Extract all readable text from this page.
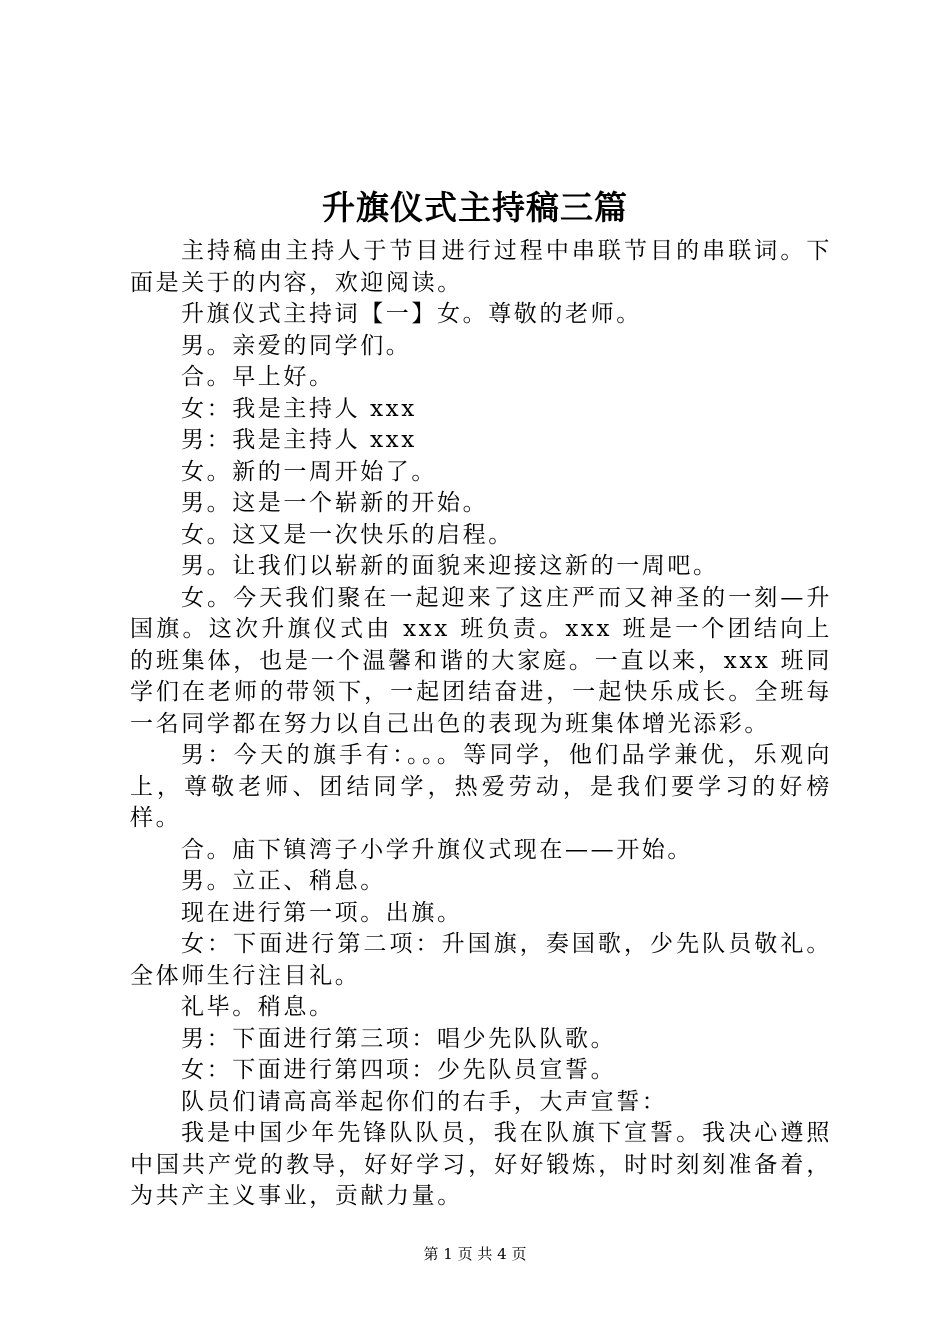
升旗仪式主持稿三篇

主持稿由主持人于节目进行过程中串联节目的串联词。下面是关于的内容，欢迎阅读。

升旗仪式主持词【一】女。尊敬的老师。

男。亲爱的同学们。

合。早上好。

女：我是主持人 xxx

男：我是主持人 xxx

女。新的一周开始了。

男。这是一个崭新的开始。

女。这又是一次快乐的启程。

男。让我们以崭新的面貌来迎接这新的一周吧。

女。今天我们聚在一起迎来了这庄严而又神圣的一刻—升国旗。这次升旗仪式由 xxx 班负责。xxx 班是一个团结向上的班集体，也是一个温馨和谐的大家庭。一直以来，xxx 班同学们在老师的带领下，一起团结奋进，一起快乐成长。全班每一名同学都在努力以自己出色的表现为班集体增光添彩。

男：今天的旗手有：。。。等同学，他们品学兼优，乐观向上，尊敬老师、团结同学，热爱劳动，是我们要学习的好榜样。

合。庙下镇湾子小学升旗仪式现在——开始。

男。立正、稍息。

现在进行第一项。出旗。

女：下面进行第二项：升国旗，奏国歌，少先队员敬礼。全体师生行注目礼。

礼毕。稍息。

男：下面进行第三项：唱少先队队歌。

女：下面进行第四项：少先队员宣誓。

队员们请高高举起你们的右手，大声宣誓：

我是中国少年先锋队队员，我在队旗下宣誓。我决心遵照中国共产党的教导，好好学习，好好锻炼，时时刻刻准备着，为共产主义事业，贡献力量。

第 1 页 共 4 页
